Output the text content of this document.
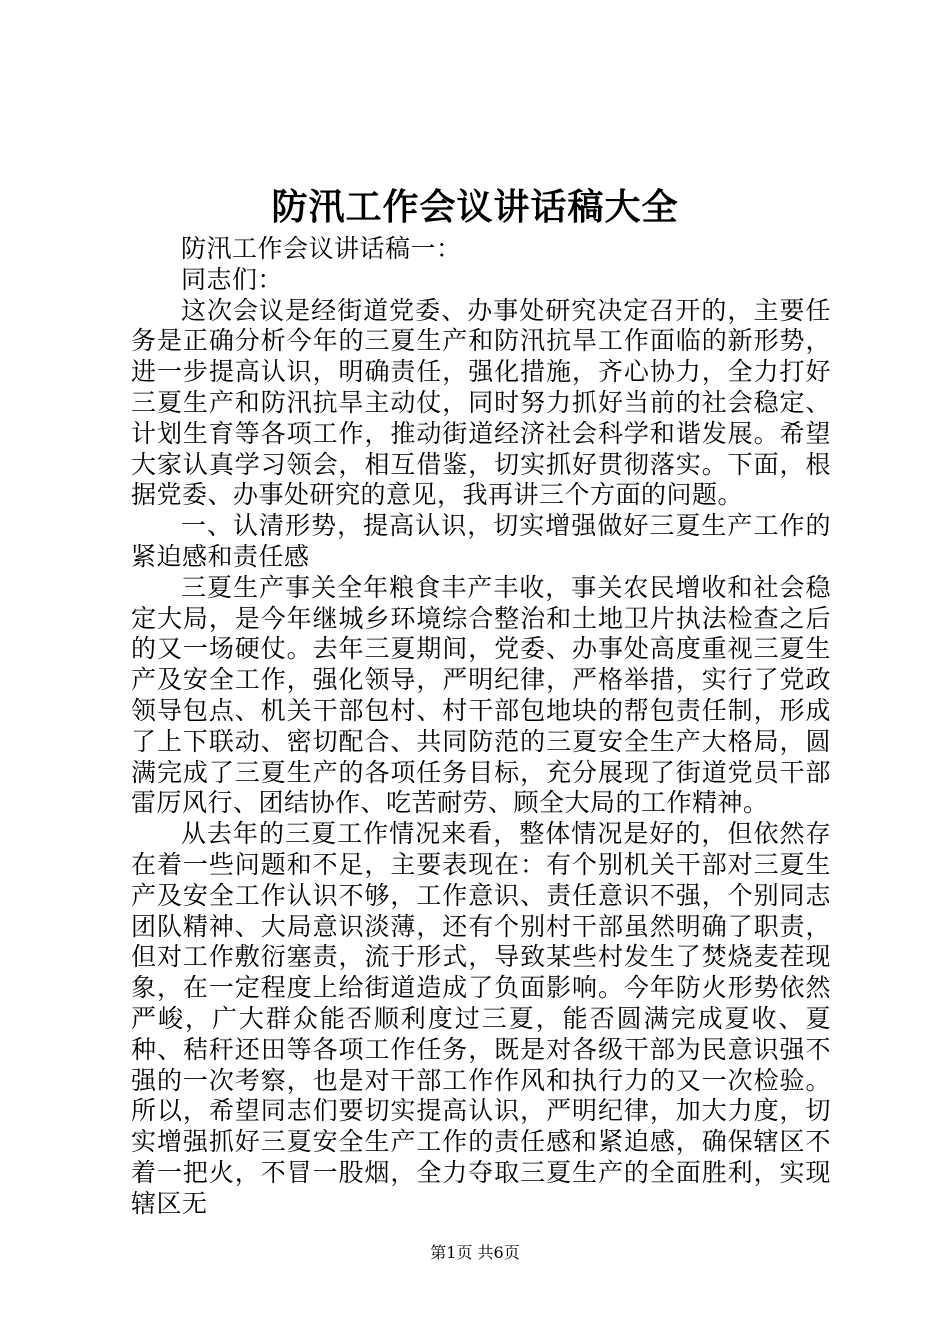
防汛工作会议讲话稿大全

防汛工作会议讲话稿一：

同志们：

这次会议是经街道党委、办事处研究决定召开的，主要任务是正确分析今年的三夏生产和防汛抗旱工作面临的新形势，进一步提高认识，明确责任，强化措施，齐心协力，全力打好三夏生产和防汛抗旱主动仗，同时努力抓好当前的社会稳定、计划生育等各项工作，推动街道经济社会科学和谐发展。希望大家认真学习领会，相互借鉴，切实抓好贯彻落实。下面，根据党委、办事处研究的意见，我再讲三个方面的问题。

一、认清形势，提高认识，切实增强做好三夏生产工作的紧迫感和责任感

三夏生产事关全年粮食丰产丰收，事关农民增收和社会稳定大局，是今年继城乡环境综合整治和土地卫片执法检查之后的又一场硬仗。去年三夏期间，党委、办事处高度重视三夏生产及安全工作，强化领导，严明纪律，严格举措，实行了党政领导包点、机关干部包村、村干部包地块的帮包责任制，形成了上下联动、密切配合、共同防范的三夏安全生产大格局，圆满完成了三夏生产的各项任务目标，充分展现了街道党员干部雷厉风行、团结协作、吃苦耐劳、顾全大局的工作精神。

从去年的三夏工作情况来看，整体情况是好的，但依然存在着一些问题和不足，主要表现在：有个别机关干部对三夏生产及安全工作认识不够，工作意识、责任意识不强，个别同志团队精神、大局意识淡薄，还有个别村干部虽然明确了职责，但对工作敷衍塞责，流于形式，导致某些村发生了焚烧麦茬现象，在一定程度上给街道造成了负面影响。今年防火形势依然严峻，广大群众能否顺利度过三夏，能否圆满完成夏收、夏种、秸秆还田等各项工作任务，既是对各级干部为民意识强不强的一次考察，也是对干部工作作风和执行力的又一次检验。所以，希望同志们要切实提高认识，严明纪律，加大力度，切实增强抓好三夏安全生产工作的责任感和紧迫感，确保辖区不着一把火，不冒一股烟，全力夺取三夏生产的全面胜利，实现辖区无

第1页 共6页
